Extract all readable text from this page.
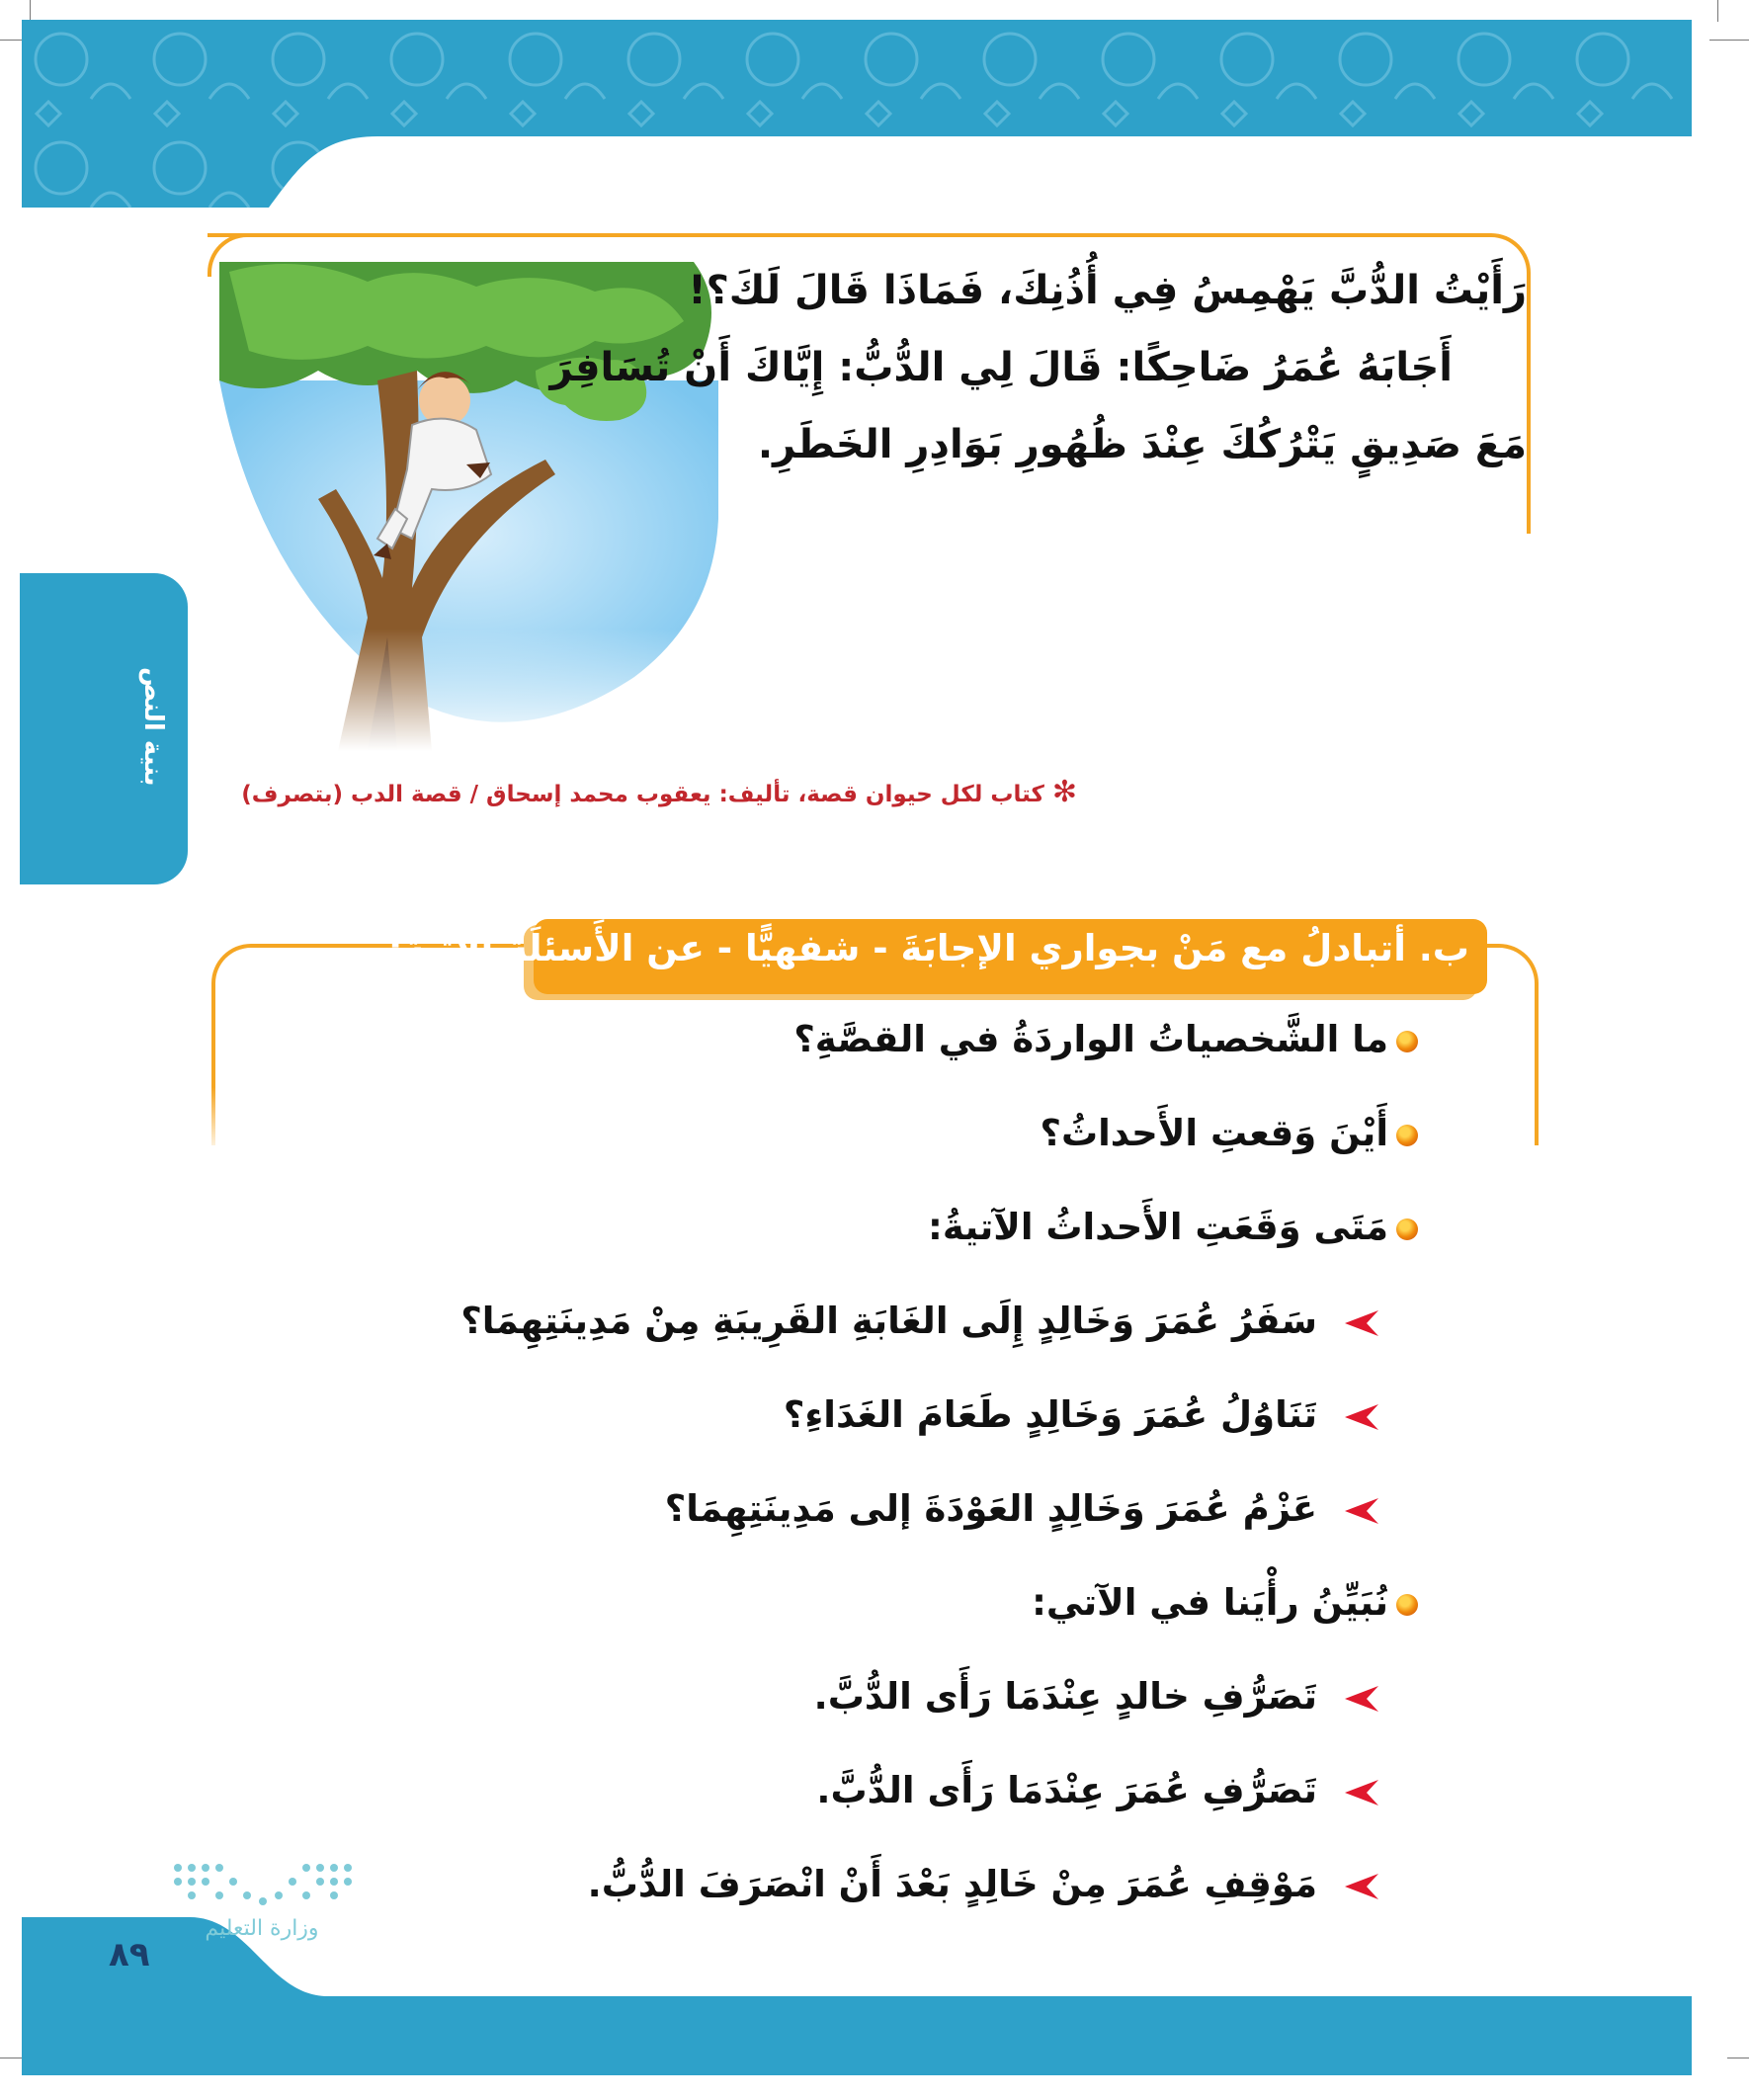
بنية النص
رَأَيْتُ الدُّبَّ يَهْمِسُ فِي أُذُنِكَ، فَمَاذَا قَالَ لَكَ؟!
أَجَابَهُ عُمَرُ ضَاحِكًا: قَالَ لِي الدُّبُّ: إِيَّاكَ أَنْ تُسَافِرَ
مَعَ صَدِيقٍ يَتْرُكُكَ عِنْدَ ظُهُورِ بَوَادِرِ الخَطَرِ.
✻كتاب لكل حيوان قصة، تأليف: يعقوب محمد إسحاق / قصة الدب (بتصرف)
ب. أتبادلُ مع مَنْ بجواري الإجابَةَ - شفهيًّا - عن الأَسئلَةِ الآتيةِ:
ما الشَّخصياتُ الواردَةُ في القصَّةِ؟
أَيْنَ وَقعتِ الأَحداثُ؟
مَتَى وَقَعَتِ الأَحداثُ الآتيةُ:
سَفَرُ عُمَرَ وَخَالِدٍ إِلَى الغَابَةِ القَرِيبَةِ مِنْ مَدِينَتِهِمَا؟
تَنَاوُلُ عُمَرَ وَخَالِدٍ طَعَامَ الغَدَاءِ؟
عَزْمُ عُمَرَ وَخَالِدٍ العَوْدَةَ إلى مَدِينَتِهِمَا؟
نُبَيِّنُ رأْيَنا في الآتي:
تَصَرُّفِ خالدٍ عِنْدَمَا رَأَى الدُّبَّ.
تَصَرُّفِ عُمَرَ عِنْدَمَا رَأَى الدُّبَّ.
مَوْقِفِ عُمَرَ مِنْ خَالِدٍ بَعْدَ أَنْ انْصَرَفَ الدُّبُّ.
وزارة التعليم
٨٩
